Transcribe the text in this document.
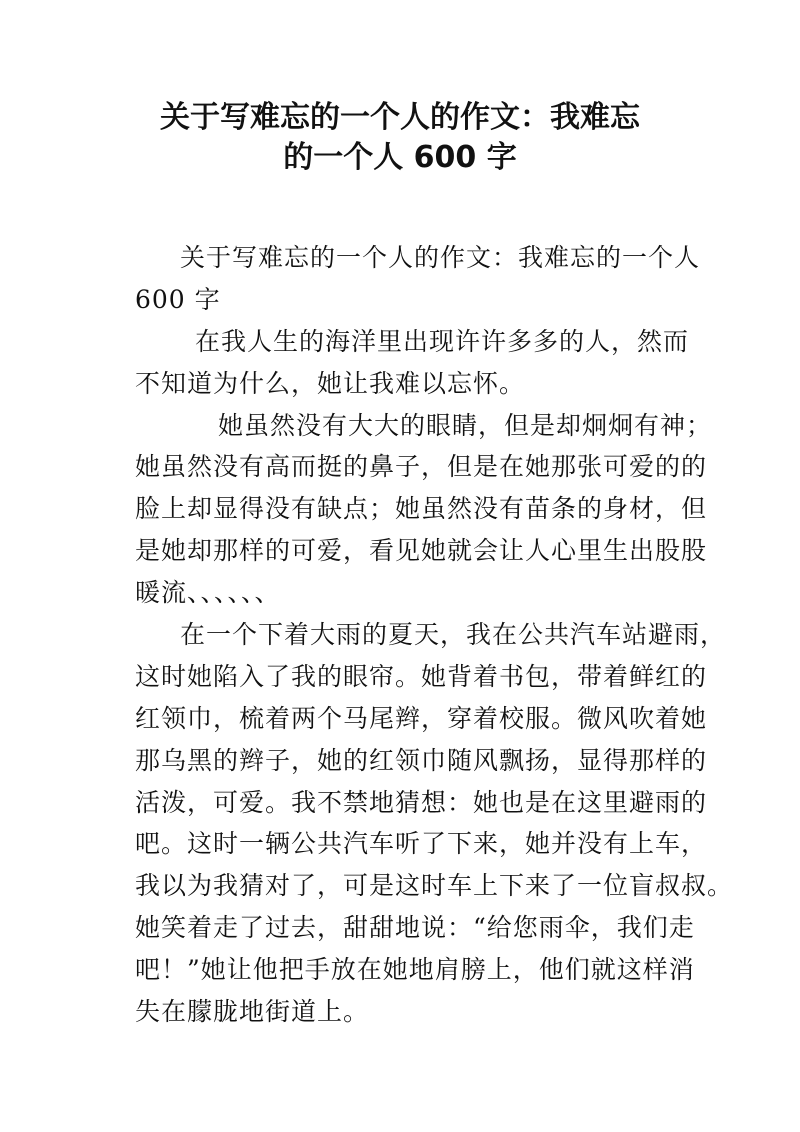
关于写难忘的一个人的作文：我难忘
的一个人 600 字
关于写难忘的一个人的作文：我难忘的一个人
600 字
在我人生的海洋里出现许许多多的人，然而
不知道为什么，她让我难以忘怀。
她虽然没有大大的眼睛，但是却炯炯有神；
她虽然没有高而挺的鼻子，但是在她那张可爱的的
脸上却显得没有缺点；她虽然没有苗条的身材，但
是她却那样的可爱，看见她就会让人心里生出股股
暖流、、、、、、
在一个下着大雨的夏天，我在公共汽车站避雨，
这时她陷入了我的眼帘。她背着书包，带着鲜红的
红领巾，梳着两个马尾辫，穿着校服。微风吹着她
那乌黑的辫子，她的红领巾随风飘扬，显得那样的
活泼，可爱。我不禁地猜想：她也是在这里避雨的
吧。这时一辆公共汽车听了下来，她并没有上车，
我以为我猜对了，可是这时车上下来了一位盲叔叔。
她笑着走了过去，甜甜地说：“给您雨伞，我们走
吧！”她让他把手放在她地肩膀上，他们就这样消
失在朦胧地街道上。
